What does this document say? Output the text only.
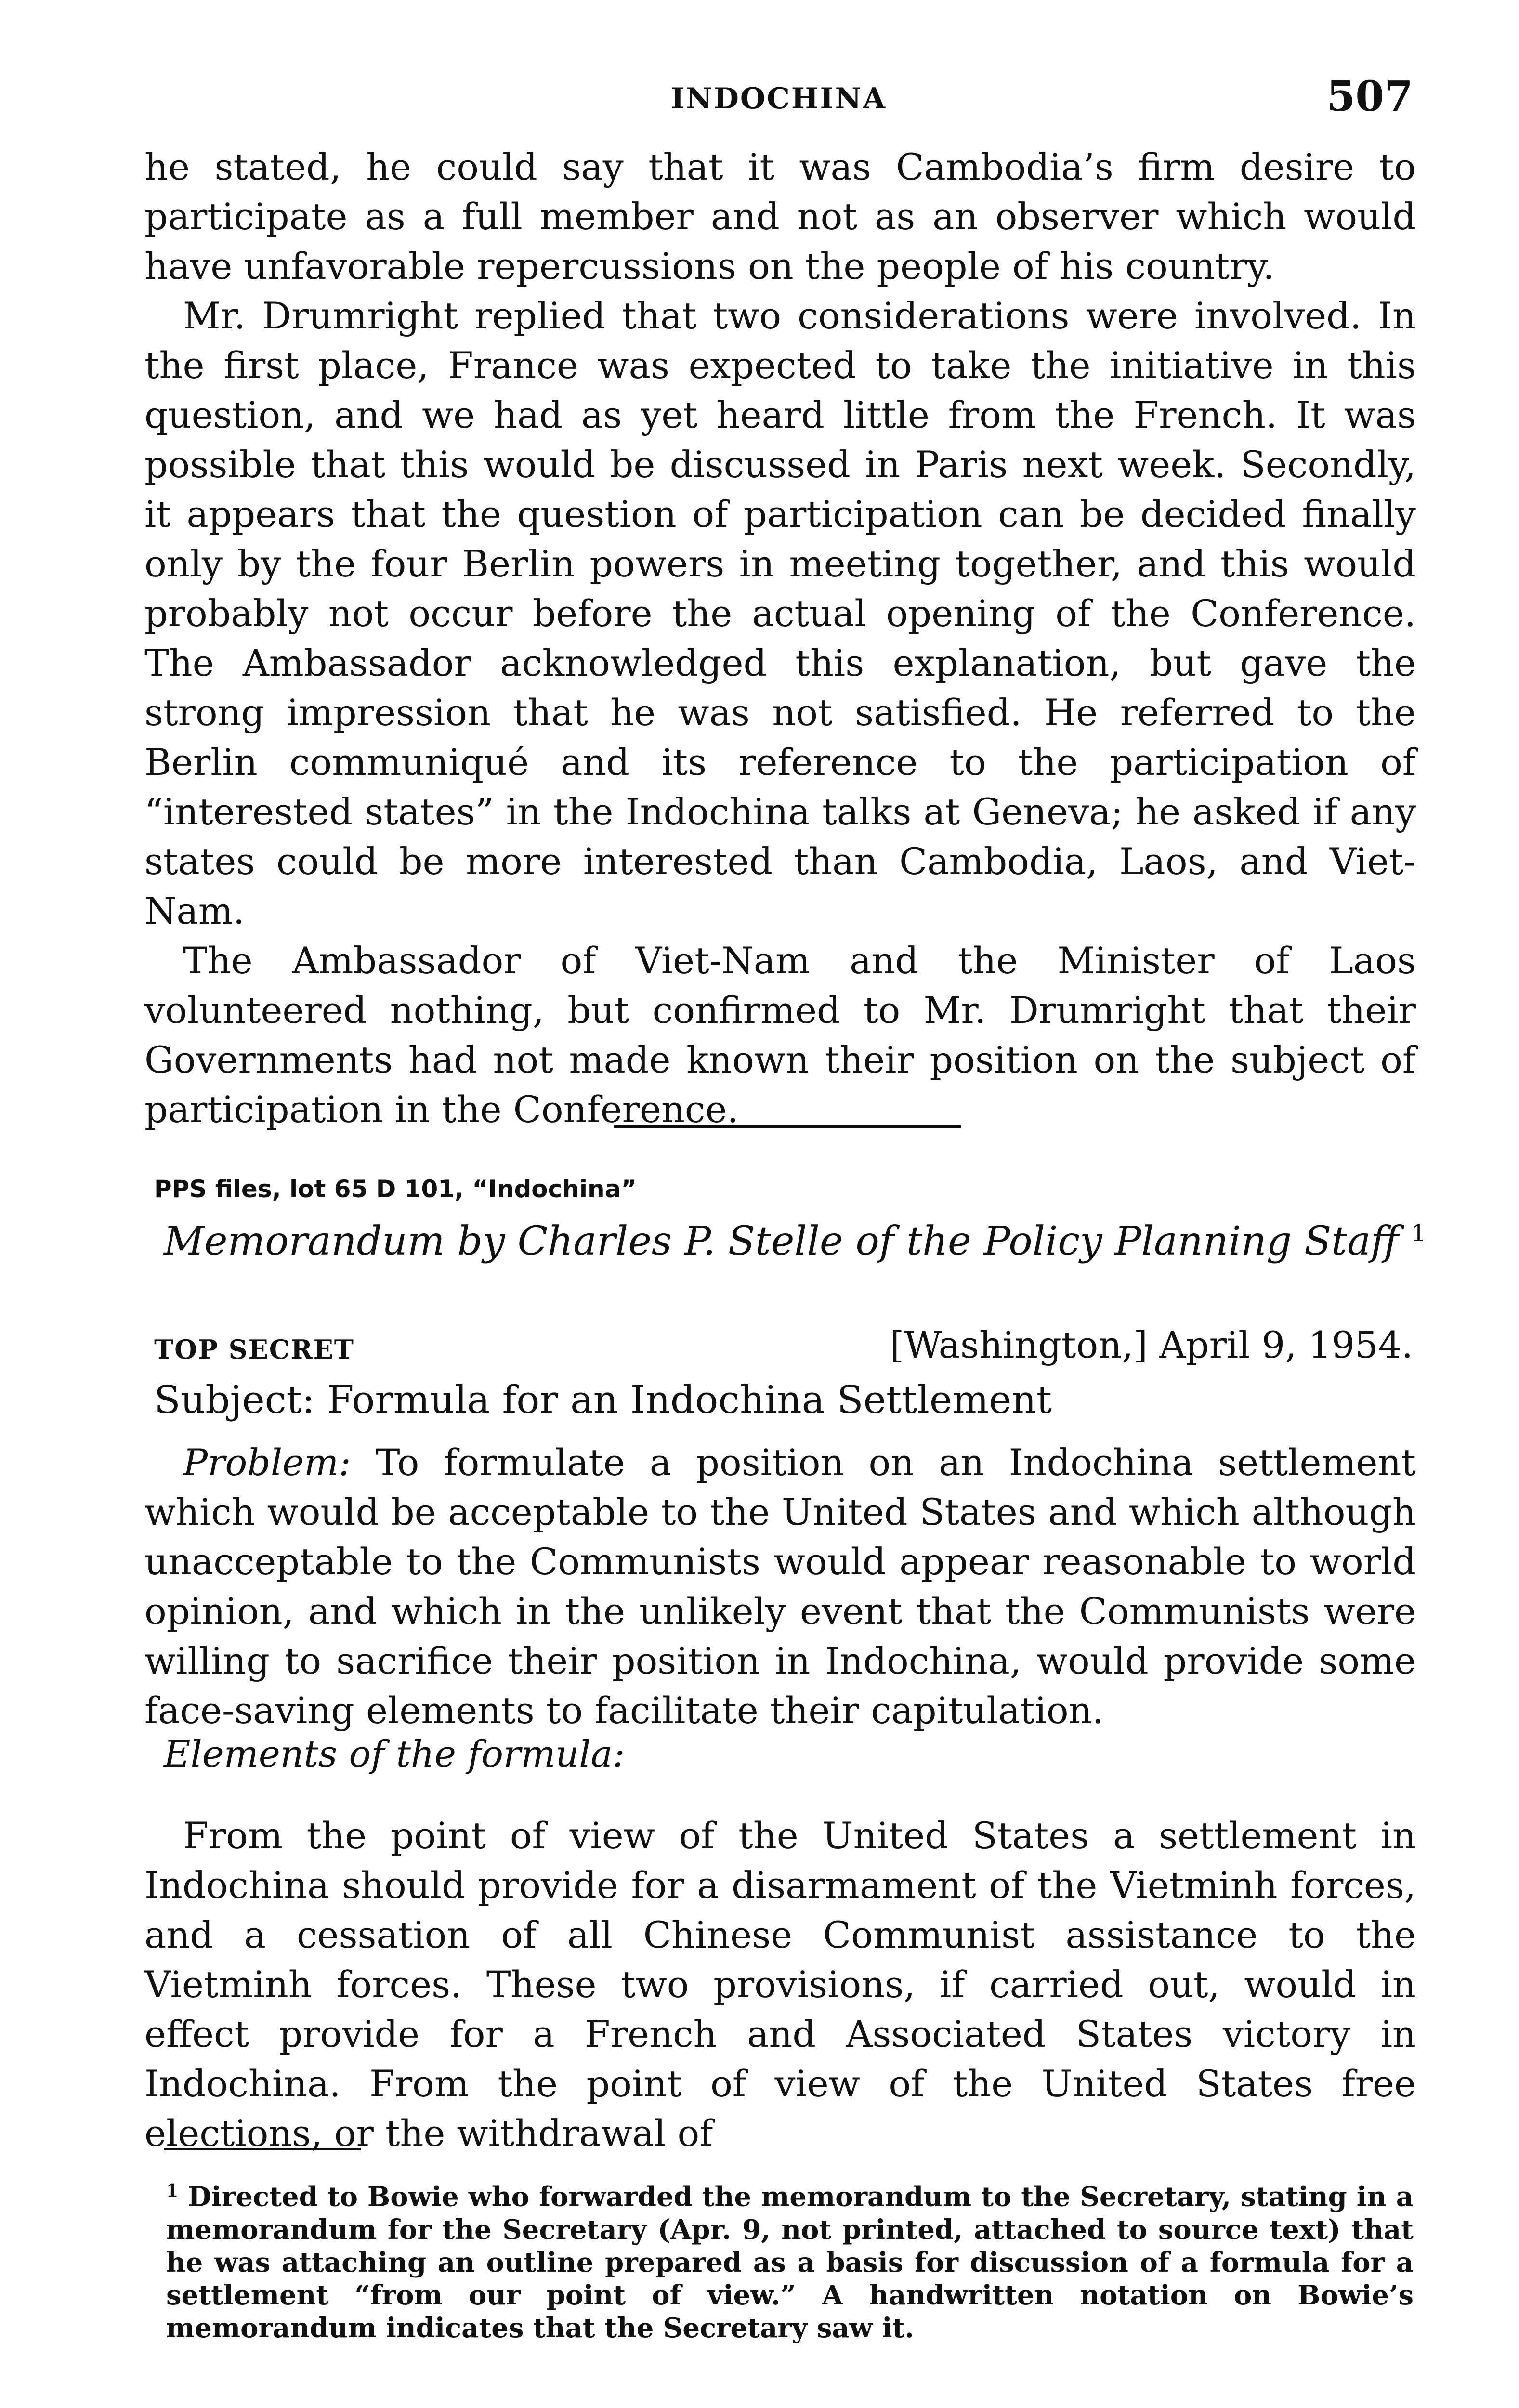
INDOCHINA	507

he stated, he could say that it was Cambodia’s firm desire to participate as a full member and not as an observer which would have unfavorable repercussions on the people of his country.

Mr. Drumright replied that two considerations were involved. In the first place, France was expected to take the initiative in this question, and we had as yet heard little from the French. It was possible that this would be discussed in Paris next week. Secondly, it appears that the question of participation can be decided finally only by the four Berlin powers in meeting together, and this would probably not occur before the actual opening of the Conference. The Ambassador acknowledged this explanation, but gave the strong impression that he was not satisfied. He referred to the Berlin communiqué and its reference to the participation of “interested states” in the Indochina talks at Geneva; he asked if any states could be more interested than Cambodia, Laos, and Viet-Nam.

The Ambassador of Viet-Nam and the Minister of Laos volunteered nothing, but confirmed to Mr. Drumright that their Governments had not made known their position on the subject of participation in the Conference.

PPS files, lot 65 D 101, “Indochina”
Memorandum by Charles P. Stelle of the Policy Planning Staff $^1$
TOP SECRET	[Washington,] April 9, 1954.
Subject: Formula for an Indochina Settlement

Problem: To formulate a position on an Indochina settlement which would be acceptable to the United States and which although unacceptable to the Communists would appear reasonable to world opinion, and which in the unlikely event that the Communists were willing to sacrifice their position in Indochina, would provide some face-saving elements to facilitate their capitulation.

Elements of the formula:

From the point of view of the United States a settlement in Indochina should provide for a disarmament of the Vietminh forces, and a cessation of all Chinese Communist assistance to the Vietminh forces. These two provisions, if carried out, would in effect provide for a French and Associated States victory in Indochina. From the point of view of the United States free elections, or the withdrawal of

$^1$ Directed to Bowie who forwarded the memorandum to the Secretary, stating in a memorandum for the Secretary (Apr. 9, not printed, attached to source text) that he was attaching an outline prepared as a basis for discussion of a formula for a settlement “from our point of view.” A handwritten notation on Bowie’s memorandum indicates that the Secretary saw it.
